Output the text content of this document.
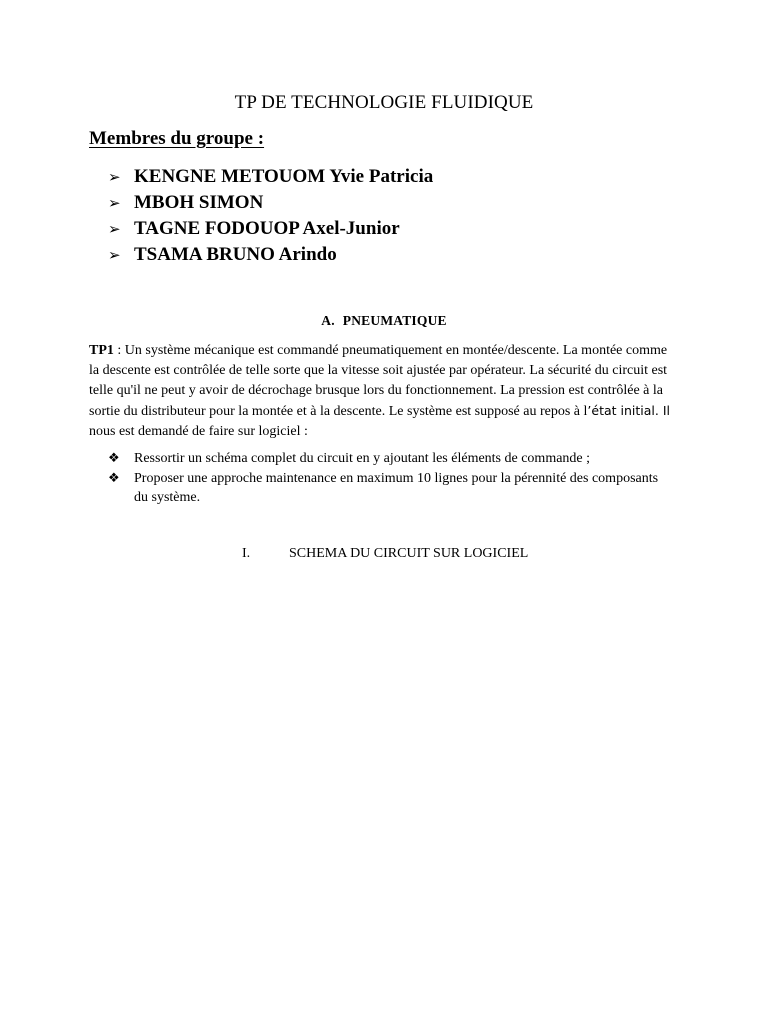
TP DE TECHNOLOGIE FLUIDIQUE
Membres du groupe :
➢ KENGNE METOUOM Yvie Patricia
➢ MBOH SIMON
➢ TAGNE FODOUOP Axel-Junior
➢ TSAMA BRUNO Arindo
A. PNEUMATIQUE

TP1 : Un système mécanique est commandé pneumatiquement en montée/descente. La montée comme la descente est contrôlée de telle sorte que la vitesse soit ajustée par opérateur. La sécurité du circuit est telle qu'il ne peut y avoir de décrochage brusque lors du fonctionnement. La pression est contrôlée à la sortie du distributeur pour la montée et à la descente. Le système est supposé au repos à l’état initial. Il nous est demandé de faire sur logiciel :

❖	Ressortir un schéma complet du circuit en y ajoutant les éléments de commande ;
❖	Proposer une approche maintenance en maximum 10 lignes pour la pérennité des composants du système.
I.	SCHEMA DU CIRCUIT SUR LOGICIEL
